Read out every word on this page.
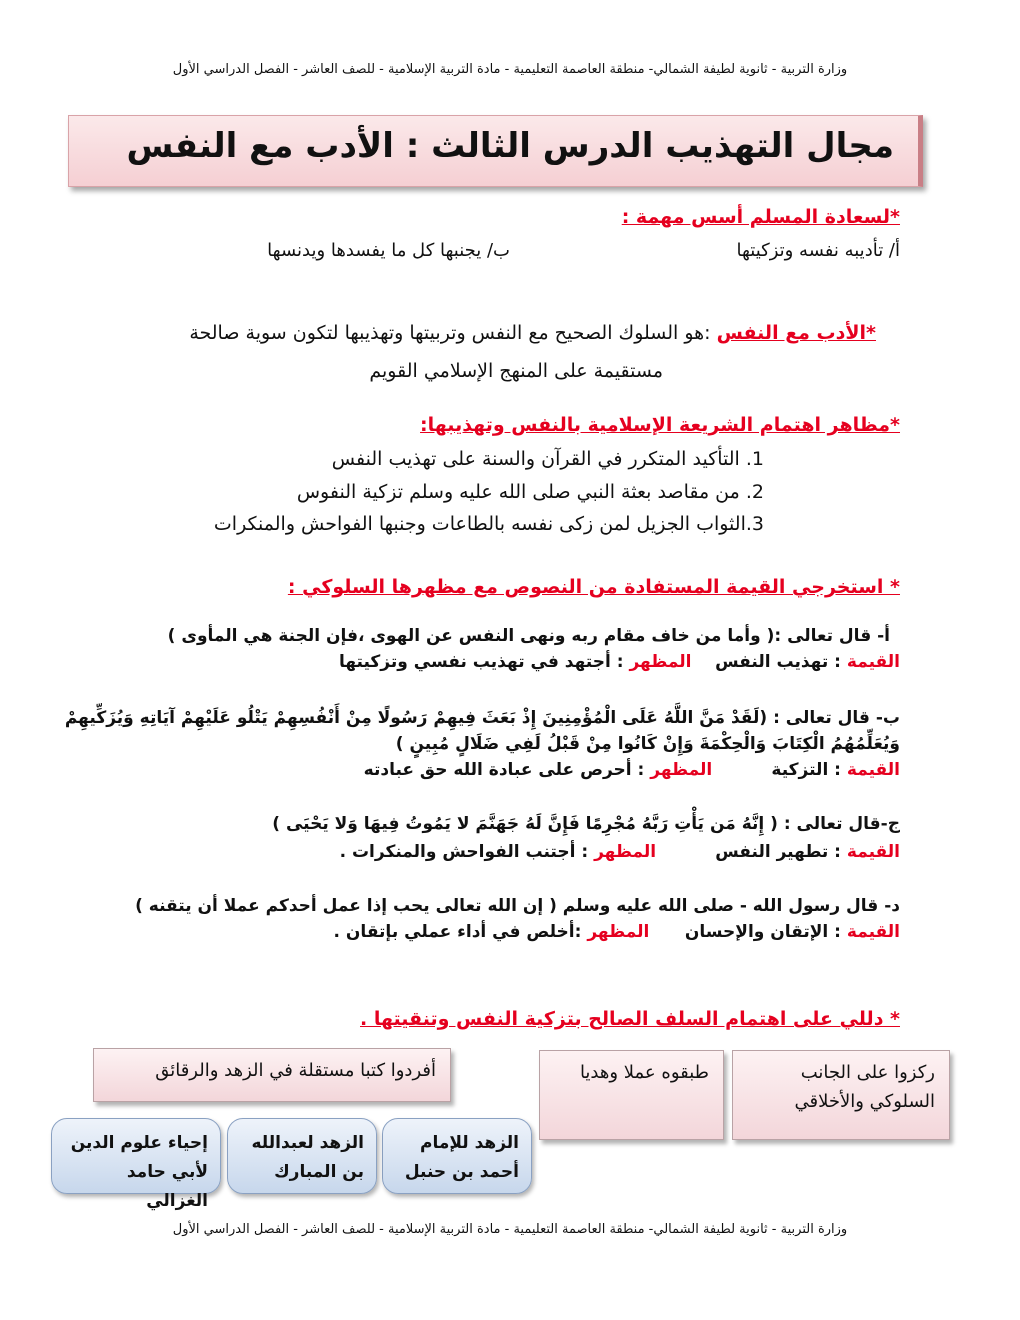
وزارة التربية - ثانوية لطيفة الشمالي- منطقة العاصمة التعليمية - مادة التربية الإسلامية - للصف العاشر - الفصل الدراسي الأول
مجال التهذيب الدرس الثالث : الأدب مع النفس
*لسعادة المسلم أسس مهمة :
أ/ تأديبه نفسه وتزكيتها
ب/ يجنبها كل ما يفسدها ويدنسها
*الأدب مع النفس :هو السلوك الصحيح مع النفس وتربيتها وتهذيبها لتكون سوية صالحة
مستقيمة على المنهج الإسلامي القويم
*مظاهر اهتمام الشريعة الإسلامية بالنفس وتهذيبها:
1. التأكيد المتكرر في القرآن والسنة على تهذيب النفس
2. من مقاصد بعثة النبي صلى الله عليه وسلم تزكية النفوس
3.الثواب الجزيل لمن زكى نفسه بالطاعات وجنبها الفواحش والمنكرات
* استخرجي القيمة المستفادة من النصوص مع مظهرها السلوكي :
أ- قال تعالى :( وأما من خاف مقام ربه ونهى النفس عن الهوى ،فإن الجنة هي المأوى )
القيمة : تهذيب النفس    المظهر : أجتهد في تهذيب نفسي وتزكيتها
ب- قال تعالى : (لَقَدْ مَنَّ اللَّهُ عَلَى الْمُؤْمِنِينَ إِذْ بَعَثَ فِيهِمْ رَسُولًا مِنْ أَنْفُسِهِمْ يَتْلُو عَلَيْهِمْ آيَاتِهِ وَيُزَكِّيهِمْ
وَيُعَلِّمُهُمُ الْكِتَابَ وَالْحِكْمَةَ وَإِنْ كَانُوا مِنْ قَبْلُ لَفِي ضَلَالٍ مُبِينٍ )
القيمة : التزكية          المظهر : أحرص على عبادة الله حق عبادته
ج-قال تعالى : ( إِنَّهُ مَن يَأْتِ رَبَّهُ مُجْرِمًا فَإِنَّ لَهُ جَهَنَّمَ لا يَمُوتُ فِيهَا وَلا يَحْيَى )
القيمة : تطهير النفس          المظهر : أجتنب الفواحش والمنكرات .
د- قال رسول الله - صلى الله عليه وسلم ( إن الله تعالى يحب إذا عمل أحدكم عملا أن يتقنه )
القيمة : الإتقان والإحسان      المظهر :أخلص في أداء عملي بإتقان .
* دللي على اهتمام السلف الصالح بتزكية النفس وتنقيتها .
ركزوا على الجانب السلوكي والأخلاقي
طبقوه عملا وهديا
أفردوا كتبا مستقلة في الزهد والرقائق
الزهد للإمام
أحمد بن حنبل
الزهد لعبدالله
بن المبارك
إحياء علوم الدين
لأبي حامد الغزالي
وزارة التربية - ثانوية لطيفة الشمالي- منطقة العاصمة التعليمية - مادة التربية الإسلامية - للصف العاشر - الفصل الدراسي الأول
